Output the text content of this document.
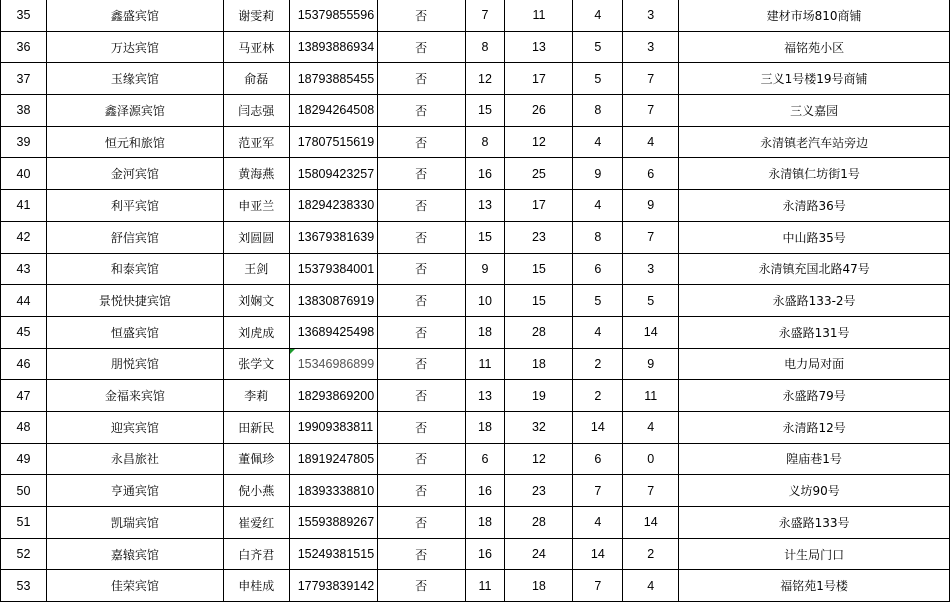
35	鑫盛宾馆	谢雯莉	15379855596	否	7	11	4	3	建材市场810商铺
36	万达宾馆	马亚林	13893886934	否	8	13	5	3	福铭苑小区
37	玉缘宾馆	俞磊	18793885455	否	12	17	5	7	三义1号楼19号商铺
38	鑫泽源宾馆	闫志强	18294264508	否	15	26	8	7	三义嘉园
39	恒元和旅馆	范亚军	17807515619	否	8	12	4	4	永清镇老汽车站旁边
40	金河宾馆	黄海燕	15809423257	否	16	25	9	6	永清镇仁坊街1号
41	利平宾馆	申亚兰	18294238330	否	13	17	4	9	永清路36号
42	舒信宾馆	刘圆圆	13679381639	否	15	23	8	7	中山路35号
43	和泰宾馆	王剑	15379384001	否	9	15	6	3	永清镇充国北路47号
44	景悦快捷宾馆	刘娴文	13830876919	否	10	15	5	5	永盛路133-2号
45	恒盛宾馆	刘虎成	13689425498	否	18	28	4	14	永盛路131号
46	朋悦宾馆	张学文	15346986899	否	11	18	2	9	电力局对面
47	金福来宾馆	李莉	18293869200	否	13	19	2	11	永盛路79号
48	迎宾宾馆	田新民	19909383811	否	18	32	14	4	永清路12号
49	永昌旅社	董佩珍	18919247805	否	6	12	6	0	隍庙巷1号
50	亨通宾馆	倪小燕	18393338810	否	16	23	7	7	义坊90号
51	凯瑞宾馆	崔爱红	15593889267	否	18	28	4	14	永盛路133号
52	嘉辕宾馆	白齐君	15249381515	否	16	24	14	2	计生局门口
53	佳荣宾馆	申桂成	17793839142	否	11	18	7	4	福铭苑1号楼
